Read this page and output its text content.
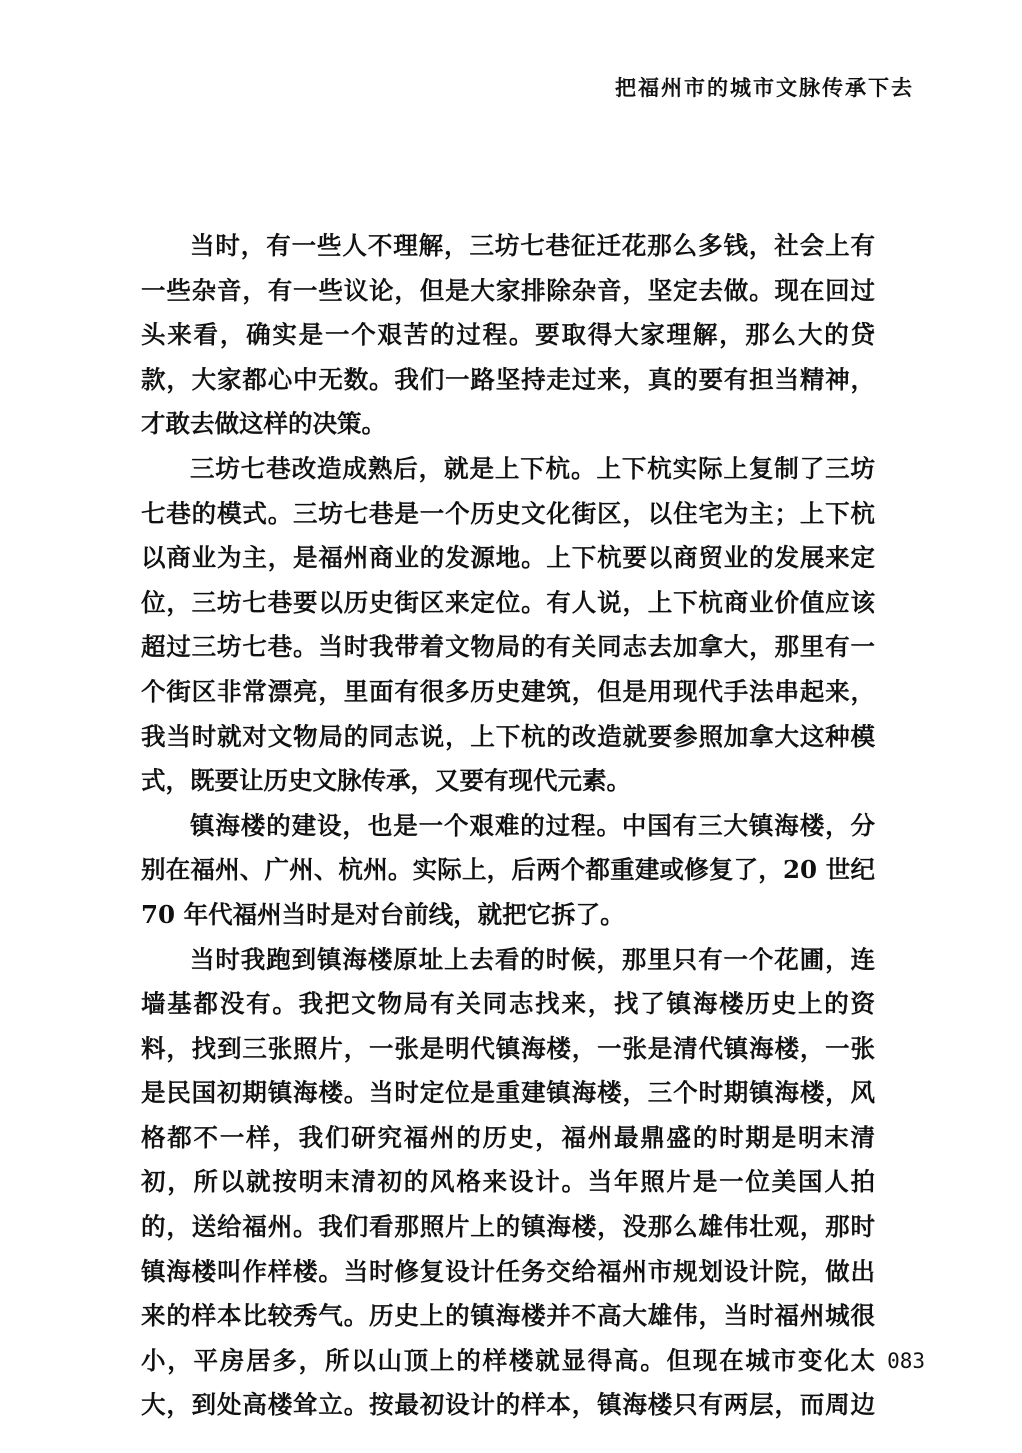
把福州市的城市文脉传承下去
当时，有一些人不理解，三坊七巷征迁花那么多钱，社会上有
一些杂音，有一些议论，但是大家排除杂音，坚定去做。现在回过
头来看，确实是一个艰苦的过程。要取得大家理解，那么大的贷
款，大家都心中无数。我们一路坚持走过来，真的要有担当精神，
才敢去做这样的决策。
三坊七巷改造成熟后，就是上下杭。上下杭实际上复制了三坊
七巷的模式。三坊七巷是一个历史文化街区，以住宅为主；上下杭
以商业为主，是福州商业的发源地。上下杭要以商贸业的发展来定
位，三坊七巷要以历史街区来定位。有人说，上下杭商业价值应该
超过三坊七巷。当时我带着文物局的有关同志去加拿大，那里有一
个街区非常漂亮，里面有很多历史建筑，但是用现代手法串起来，
我当时就对文物局的同志说，上下杭的改造就要参照加拿大这种模
式，既要让历史文脉传承，又要有现代元素。
镇海楼的建设，也是一个艰难的过程。中国有三大镇海楼，分
别在福州、广州、杭州。实际上，后两个都重建或修复了，20 世纪
70 年代福州当时是对台前线，就把它拆了。
当时我跑到镇海楼原址上去看的时候，那里只有一个花圃，连
墙基都没有。我把文物局有关同志找来，找了镇海楼历史上的资
料，找到三张照片，一张是明代镇海楼，一张是清代镇海楼，一张
是民国初期镇海楼。当时定位是重建镇海楼，三个时期镇海楼，风
格都不一样，我们研究福州的历史，福州最鼎盛的时期是明末清
初，所以就按明末清初的风格来设计。当年照片是一位美国人拍
的，送给福州。我们看那照片上的镇海楼，没那么雄伟壮观，那时
镇海楼叫作样楼。当时修复设计任务交给福州市规划设计院，做出
来的样本比较秀气。历史上的镇海楼并不高大雄伟，当时福州城很
小，平房居多，所以山顶上的样楼就显得高。但现在城市变化太
大，到处高楼耸立。按最初设计的样本，镇海楼只有两层，而周边
083
